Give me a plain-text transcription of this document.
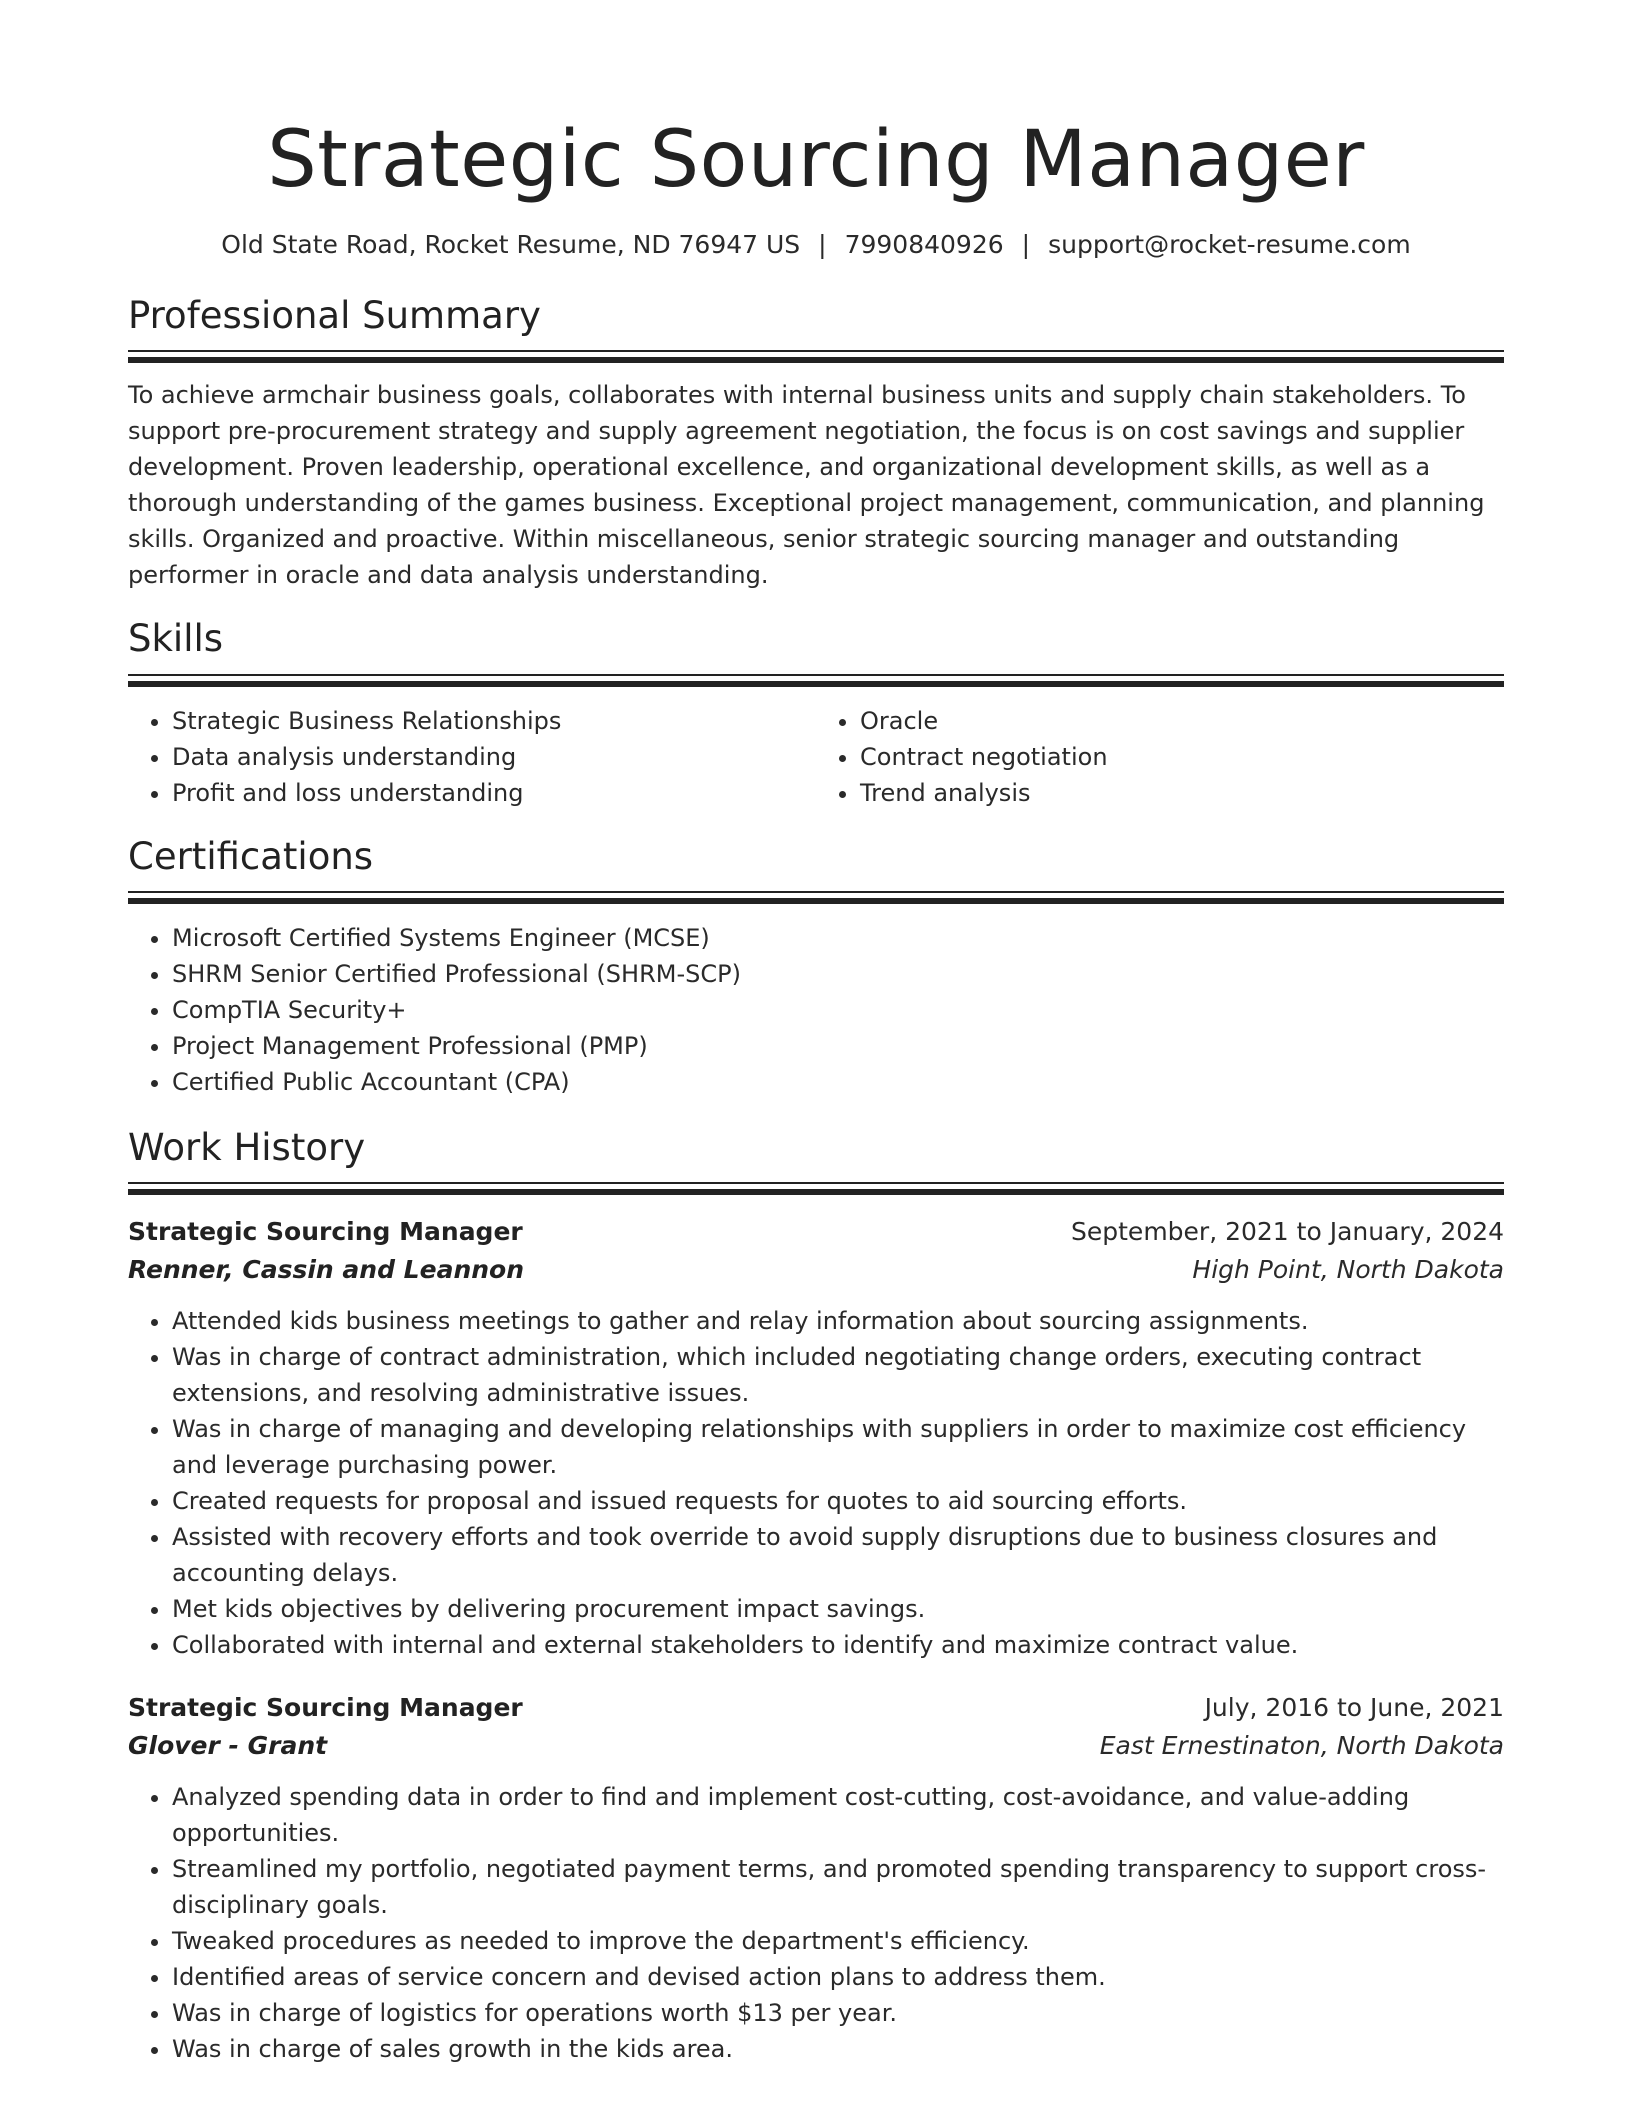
Strategic Sourcing Manager
Old State Road, Rocket Resume, ND 76947 US | 7990840926 | support@rocket-resume.com
Professional Summary

To achieve armchair business goals, collaborates with internal business units and supply chain stakeholders. To support pre-procurement strategy and supply agreement negotiation, the focus is on cost savings and supplier development. Proven leadership, operational excellence, and organizational development skills, as well as a thorough understanding of the games business. Exceptional project management, communication, and planning skills. Organized and proactive. Within miscellaneous, senior strategic sourcing manager and outstanding performer in oracle and data analysis understanding.

Skills
• Strategic Business Relationships
• Data analysis understanding
• Profit and loss understanding
• Oracle
• Contract negotiation
• Trend analysis
Certifications
• Microsoft Certified Systems Engineer (MCSE)
• SHRM Senior Certified Professional (SHRM-SCP)
• CompTIA Security+
• Project Management Professional (PMP)
• Certified Public Accountant (CPA)
Work History
Strategic Sourcing Manager	September, 2021 to January, 2024
Renner, Cassin and Leannon	High Point, North Dakota
• Attended kids business meetings to gather and relay information about sourcing assignments.
• Was in charge of contract administration, which included negotiating change orders, executing contract extensions, and resolving administrative issues.
• Was in charge of managing and developing relationships with suppliers in order to maximize cost efficiency and leverage purchasing power.
• Created requests for proposal and issued requests for quotes to aid sourcing efforts.
• Assisted with recovery efforts and took override to avoid supply disruptions due to business closures and accounting delays.
• Met kids objectives by delivering procurement impact savings.
• Collaborated with internal and external stakeholders to identify and maximize contract value.
Strategic Sourcing Manager	July, 2016 to June, 2021
Glover - Grant	East Ernestinaton, North Dakota
• Analyzed spending data in order to find and implement cost-cutting, cost-avoidance, and value-adding opportunities.
• Streamlined my portfolio, negotiated payment terms, and promoted spending transparency to support cross-disciplinary goals.
• Tweaked procedures as needed to improve the department's efficiency.
• Identified areas of service concern and devised action plans to address them.
• Was in charge of logistics for operations worth $13 per year.
• Was in charge of sales growth in the kids area.
